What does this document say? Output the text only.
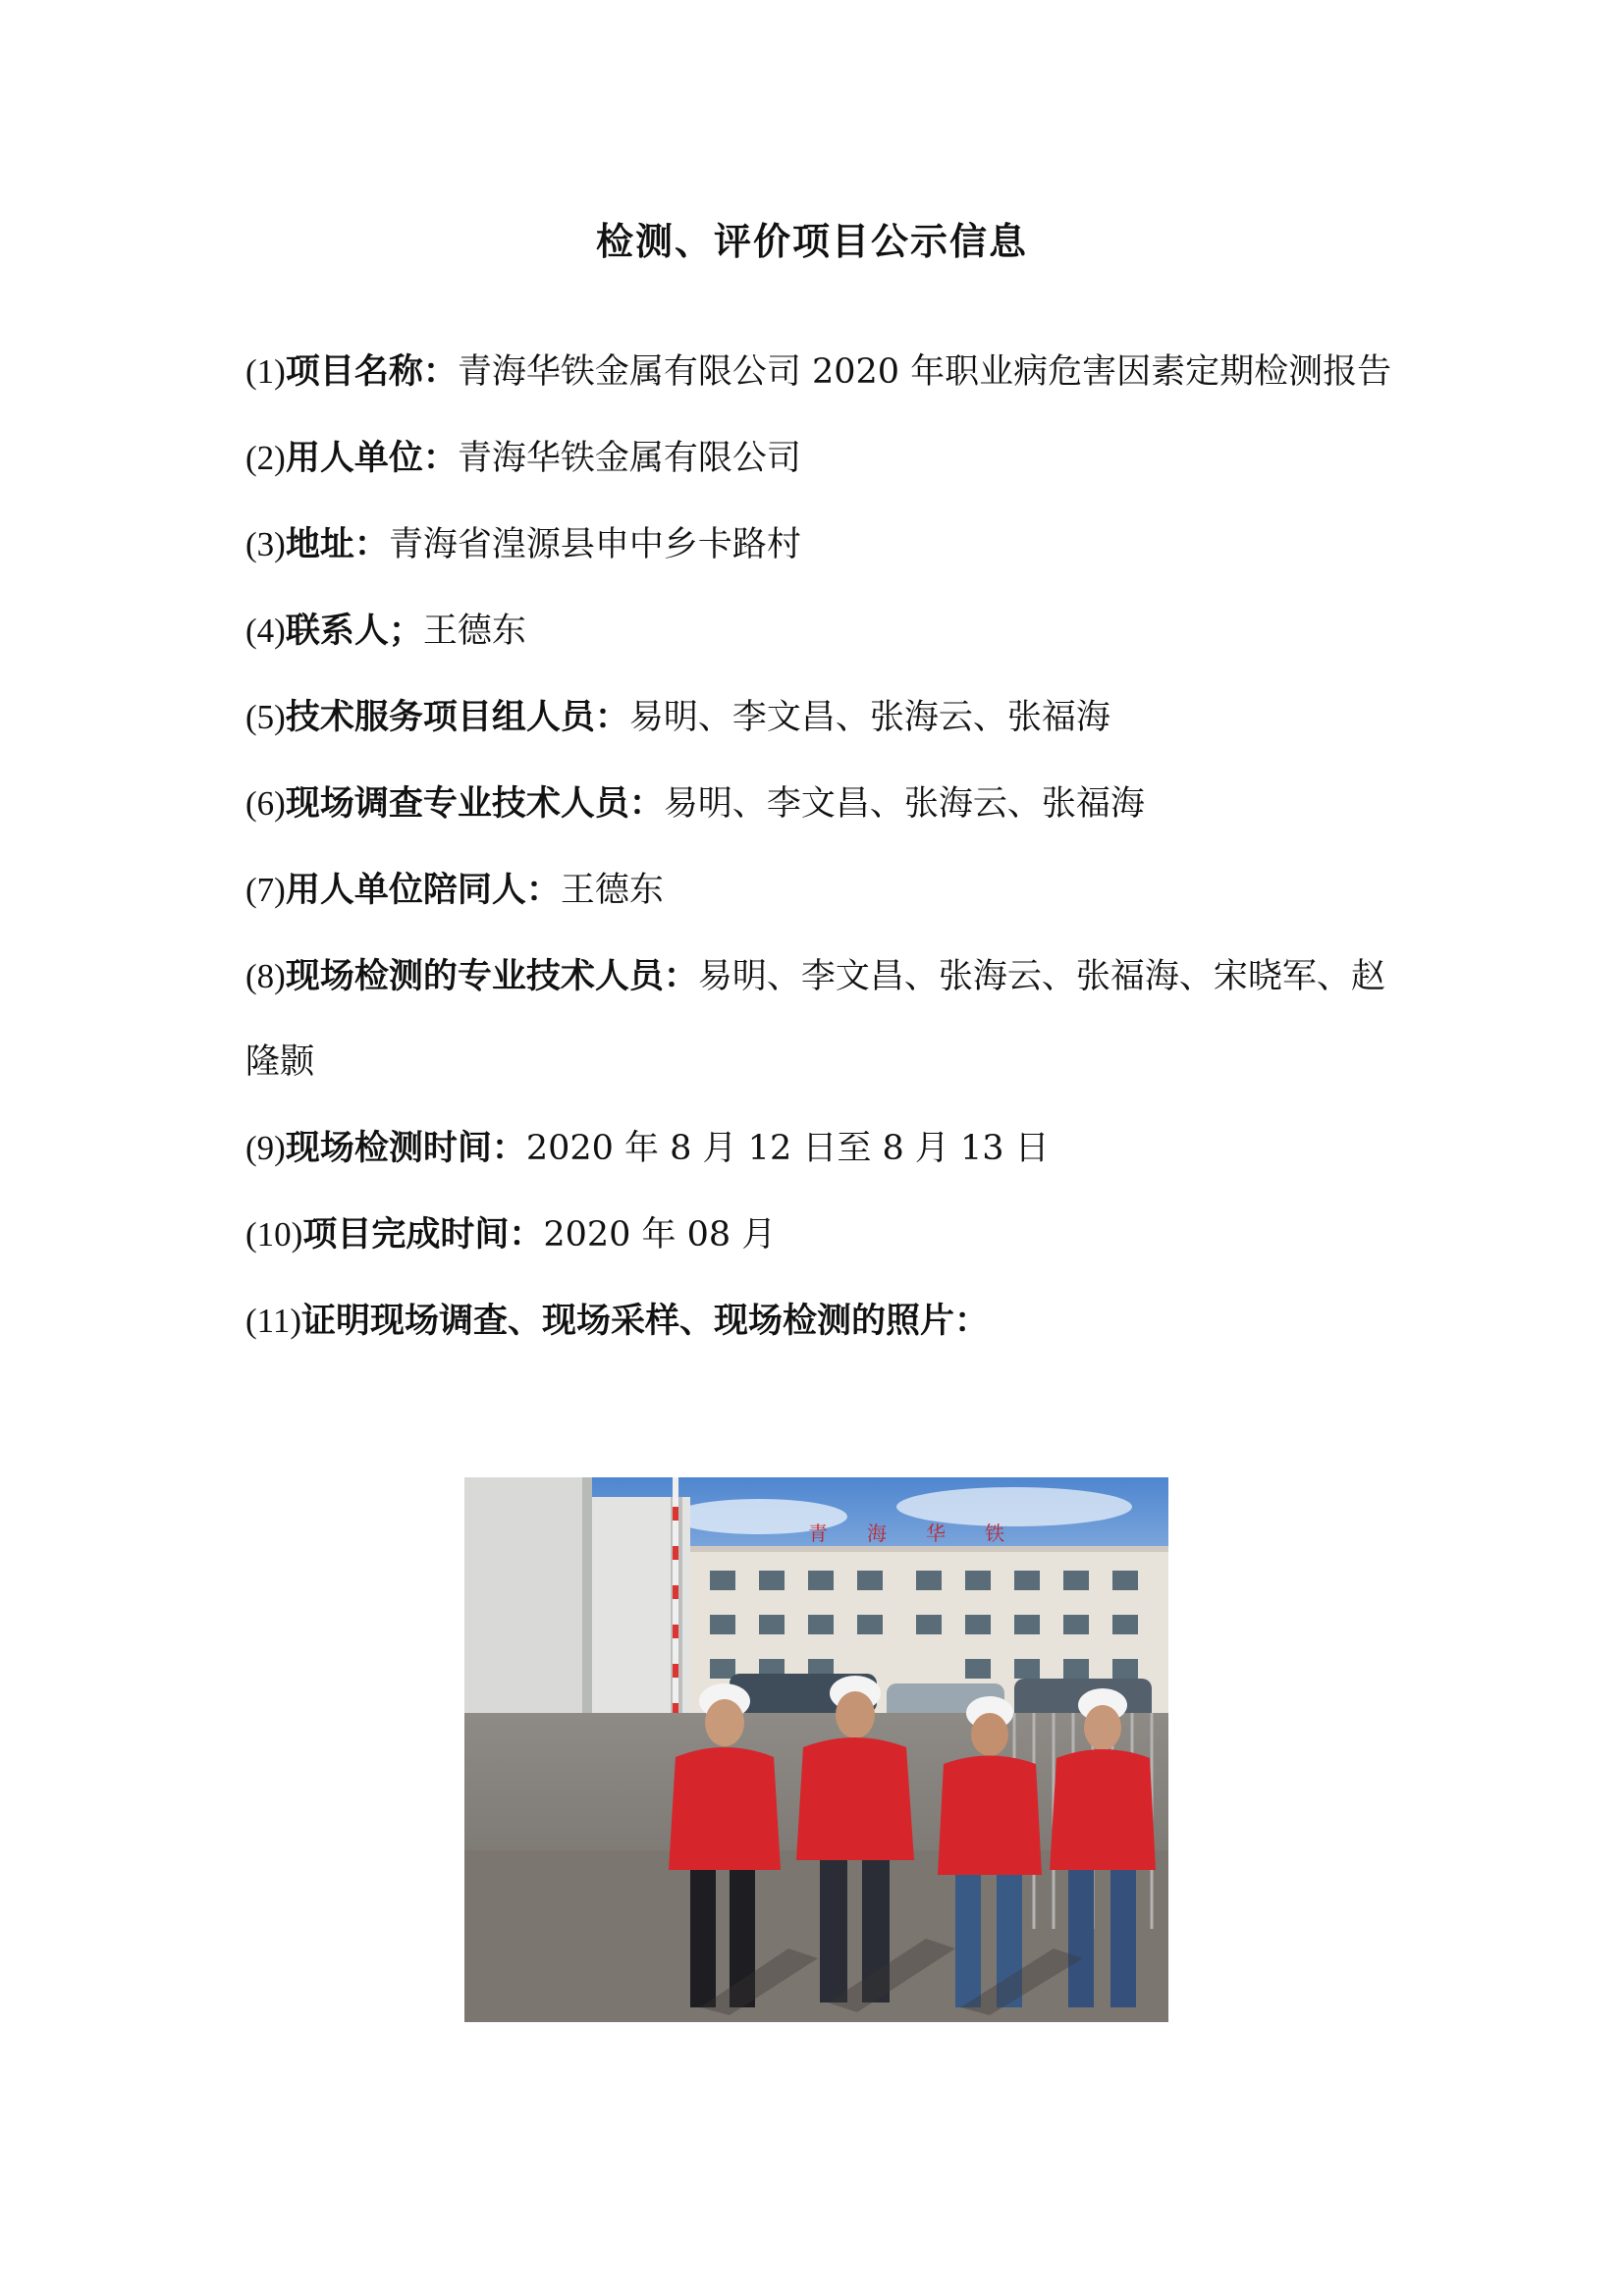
检测、评价项目公示信息

(1)项目名称：青海华铁金属有限公司 2020 年职业病危害因素定期检测报告

(2)用人单位：青海华铁金属有限公司

(3)地址：青海省湟源县申中乡卡路村

(4)联系人；王德东

(5)技术服务项目组人员：易明、李文昌、张海云、张福海

(6)现场调查专业技术人员：易明、李文昌、张海云、张福海

(7)用人单位陪同人：王德东

(8)现场检测的专业技术人员：易明、李文昌、张海云、张福海、宋晓军、赵隆颢

(9)现场检测时间：2020 年 8 月 12 日至 8 月 13 日

(10)项目完成时间：2020 年 08 月

(11)证明现场调查、现场采样、现场检测的照片：

青海华铁
